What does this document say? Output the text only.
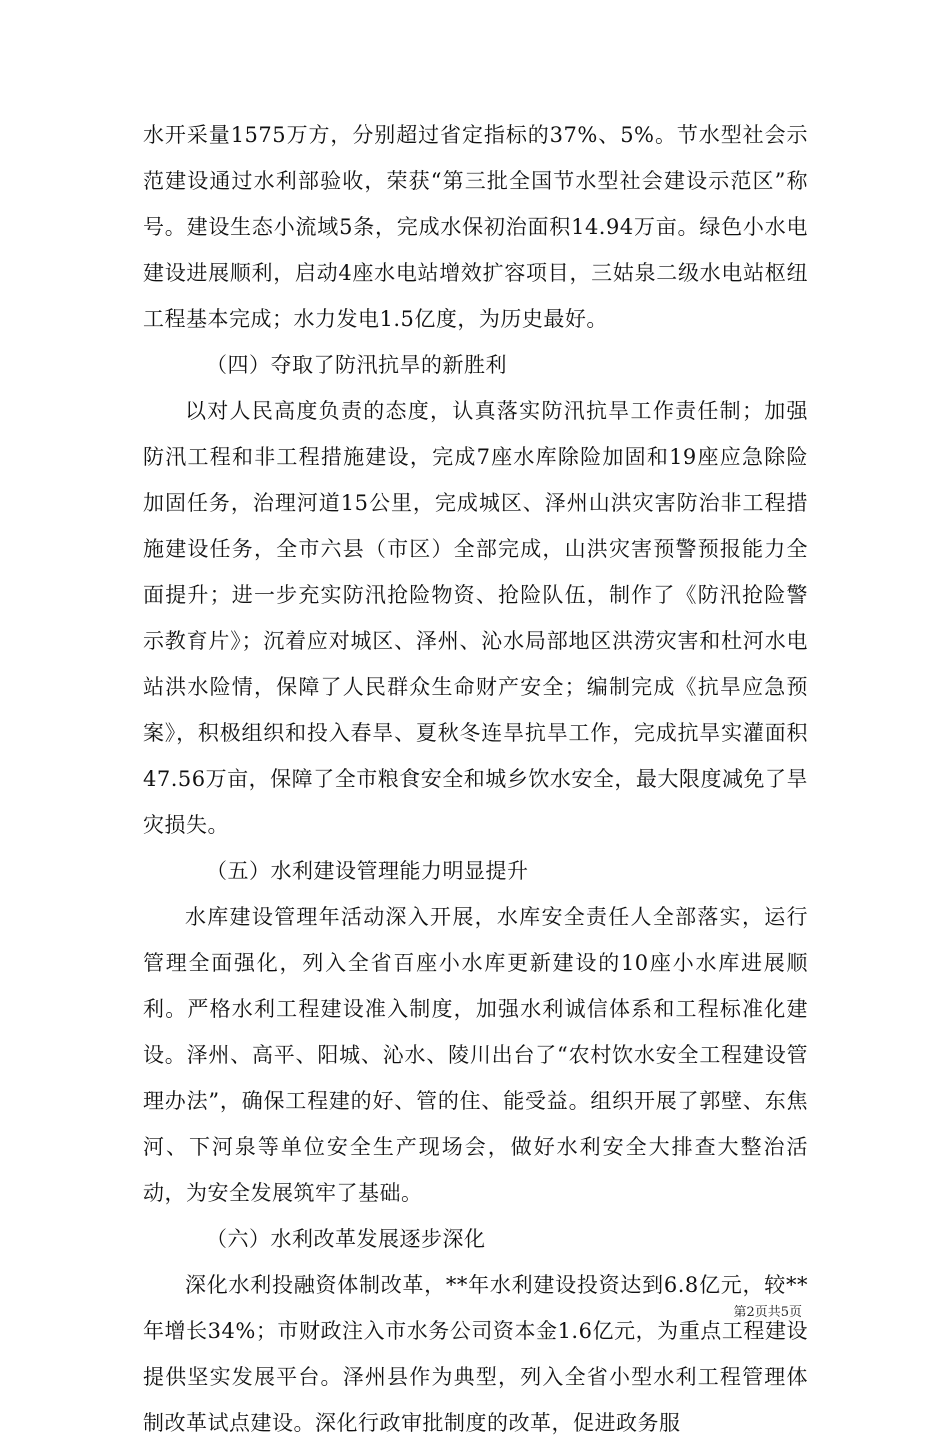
水开采量1575万方，分别超过省定指标的37%、5%。节水型社会示范建设通过水利部验收，荣获“第三批全国节水型社会建设示范区”称号。建设生态小流域5条，完成水保初治面积14.94万亩。绿色小水电建设进展顺利，启动4座水电站增效扩容项目，三姑泉二级水电站枢纽工程基本完成；水力发电1.5亿度，为历史最好。

（四）夺取了防汛抗旱的新胜利

以对人民高度负责的态度，认真落实防汛抗旱工作责任制；加强防汛工程和非工程措施建设，完成7座水库除险加固和19座应急除险加固任务，治理河道15公里，完成城区、泽州山洪灾害防治非工程措施建设任务，全市六县（市区）全部完成，山洪灾害预警预报能力全面提升；进一步充实防汛抢险物资、抢险队伍，制作了《防汛抢险警示教育片》；沉着应对城区、泽州、沁水局部地区洪涝灾害和杜河水电站洪水险情，保障了人民群众生命财产安全；编制完成《抗旱应急预案》，积极组织和投入春旱、夏秋冬连旱抗旱工作，完成抗旱实灌面积47.56万亩，保障了全市粮食安全和城乡饮水安全，最大限度减免了旱灾损失。

（五）水利建设管理能力明显提升

水库建设管理年活动深入开展，水库安全责任人全部落实，运行管理全面强化，列入全省百座小水库更新建设的10座小水库进展顺利。严格水利工程建设准入制度，加强水利诚信体系和工程标准化建设。泽州、高平、阳城、沁水、陵川出台了“农村饮水安全工程建设管理办法”，确保工程建的好、管的住、能受益。组织开展了郭壁、东焦河、下河泉等单位安全生产现场会，做好水利安全大排查大整治活动，为安全发展筑牢了基础。

（六）水利改革发展逐步深化

深化水利投融资体制改革，**年水利建设投资达到6.8亿元，较**年增长34%；市财政注入市水务公司资本金1.6亿元，为重点工程建设提供坚实发展平台。泽州县作为典型，列入全省小型水利工程管理体制改革试点建设。深化行政审批制度的改革，促进政务服

第2页共5页
